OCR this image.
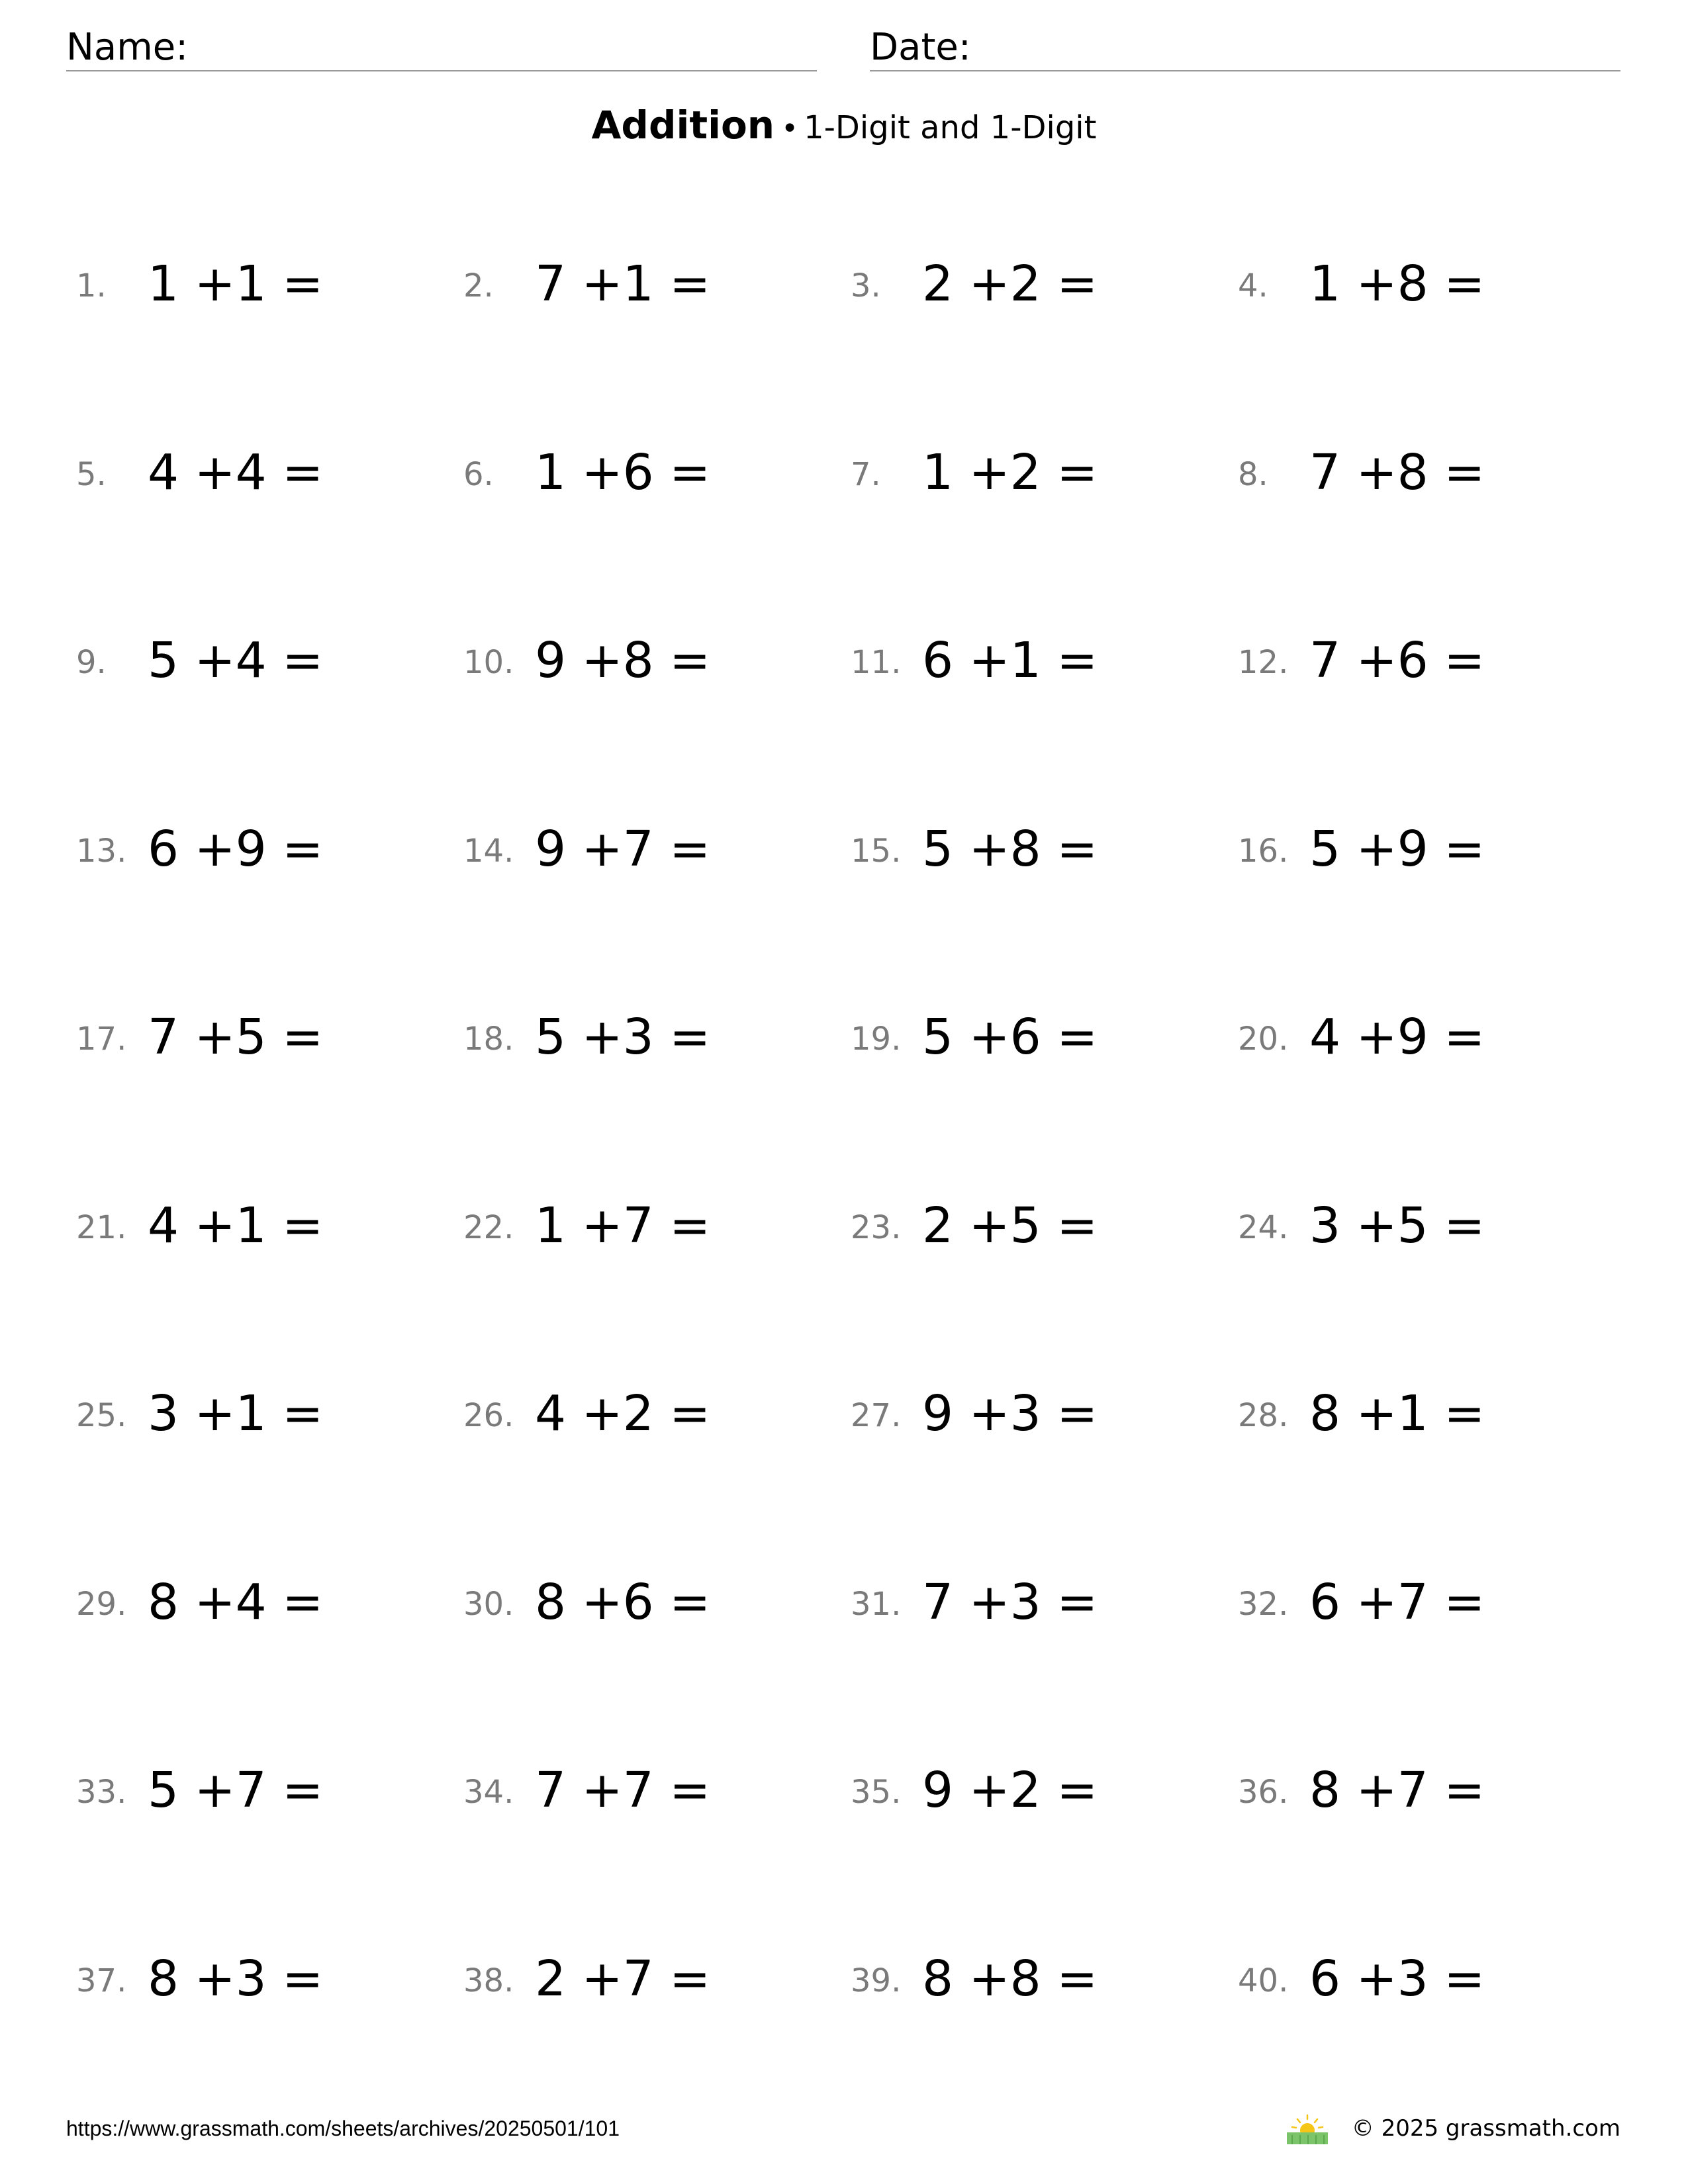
Name:	Date:
Addition • 1-Digit and 1-Digit
1. 1 +1 =	2. 7 +1 =	3. 2 +2 =	4. 1 +8 =
5. 4 +4 =	6. 1 +6 =	7. 1 +2 =	8. 7 +8 =
9. 5 +4 =	10. 9 +8 =	11. 6 +1 =	12. 7 +6 =
13. 6 +9 =	14. 9 +7 =	15. 5 +8 =	16. 5 +9 =
17. 7 +5 =	18. 5 +3 =	19. 5 +6 =	20. 4 +9 =
21. 4 +1 =	22. 1 +7 =	23. 2 +5 =	24. 3 +5 =
25. 3 +1 =	26. 4 +2 =	27. 9 +3 =	28. 8 +1 =
29. 8 +4 =	30. 8 +6 =	31. 7 +3 =	32. 6 +7 =
33. 5 +7 =	34. 7 +7 =	35. 9 +2 =	36. 8 +7 =
37. 8 +3 =	38. 2 +7 =	39. 8 +8 =	40. 6 +3 =
https://www.grassmath.com/sheets/archives/20250501/101	© 2025 grassmath.com
